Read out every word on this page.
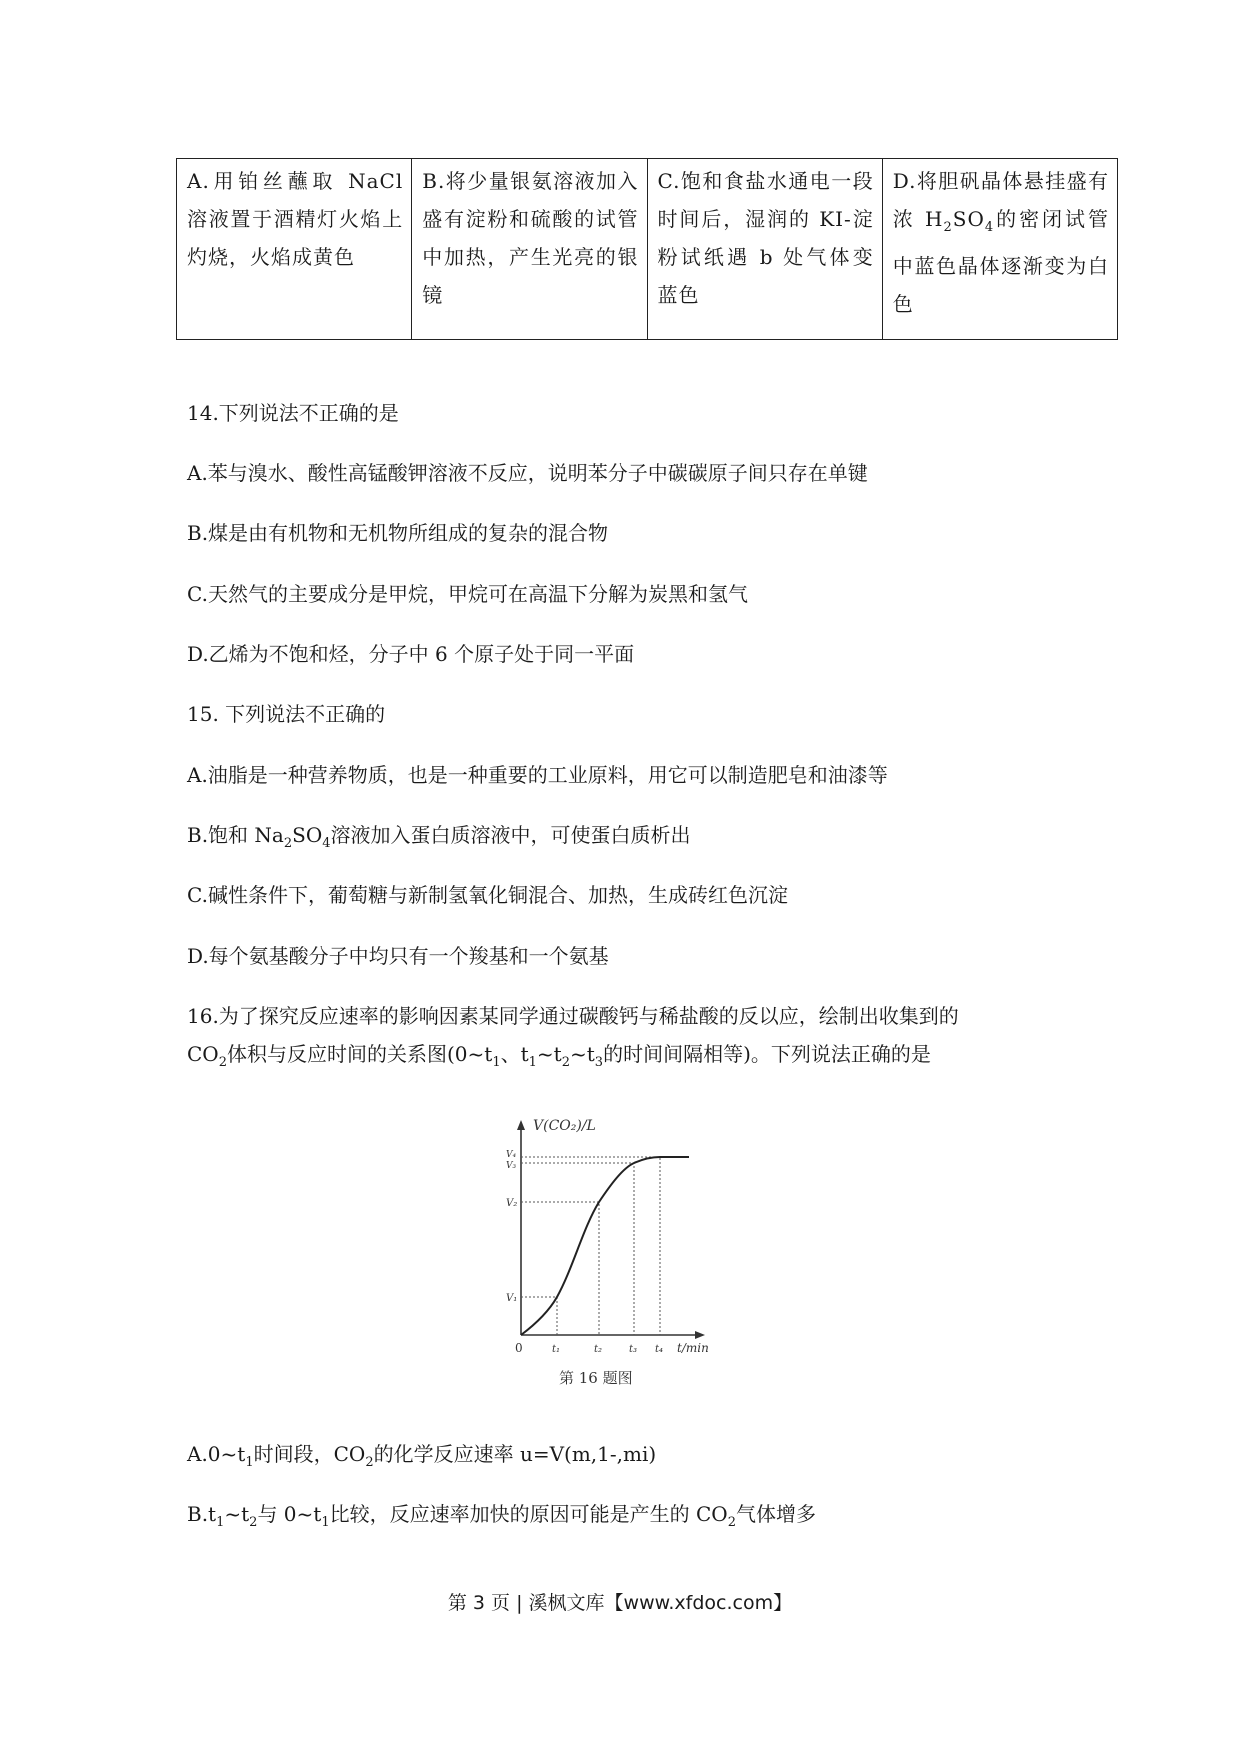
A.用铂丝蘸取 NaCl 溶液置于酒精灯火焰上灼烧，火焰成黄色	B.将少量银氨溶液加入盛有淀粉和硫酸的试管中加热，产生光亮的银镜	C.饱和食盐水通电一段时间后，湿润的 KI-淀粉试纸遇 b 处气体变蓝色	D.将胆矾晶体悬挂盛有浓 $H_2SO_4$的密闭试管中蓝色晶体逐渐变为白色
14.下列说法不正确的是
A.苯与溴水、酸性高锰酸钾溶液不反应，说明苯分子中碳碳原子间只存在单键
B.煤是由有机物和无机物所组成的复杂的混合物
C.天然气的主要成分是甲烷，甲烷可在高温下分解为炭黑和氢气
D.乙烯为不饱和烃，分子中 6 个原子处于同一平面
15. 下列说法不正确的
A.油脂是一种营养物质，也是一种重要的工业原料，用它可以制造肥皂和油漆等
B.饱和 $Na_2SO_4$溶液加入蛋白质溶液中，可使蛋白质析出
C.碱性条件下，葡萄糖与新制氢氧化铜混合、加热，生成砖红色沉淀
D.每个氨基酸分子中均只有一个羧基和一个氨基
16.为了探究反应速率的影响因素某同学通过碳酸钙与稀盐酸的反以应，绘制出收集到的
$CO_2$体积与反应时间的关系图($0\sim t_1$、$t_1\sim t_2\sim t_3$的时间间隔相等)。下列说法正确的是
V(CO₂)/L
t/min
0
V₁
V₂
V₃
V₄
t₁	t₂	t₃ t₄
第 16 题图
$A.0\sim t_1$时间段，$CO_2$的化学反应速率 u=V(m,1-,mi)
$B.t_1\sim t_2$与 $0\sim t_1$比较，反应速率加快的原因可能是产生的 $CO_2$气体增多
第 3 页 | 溪枫文库【www.xfdoc.com】
